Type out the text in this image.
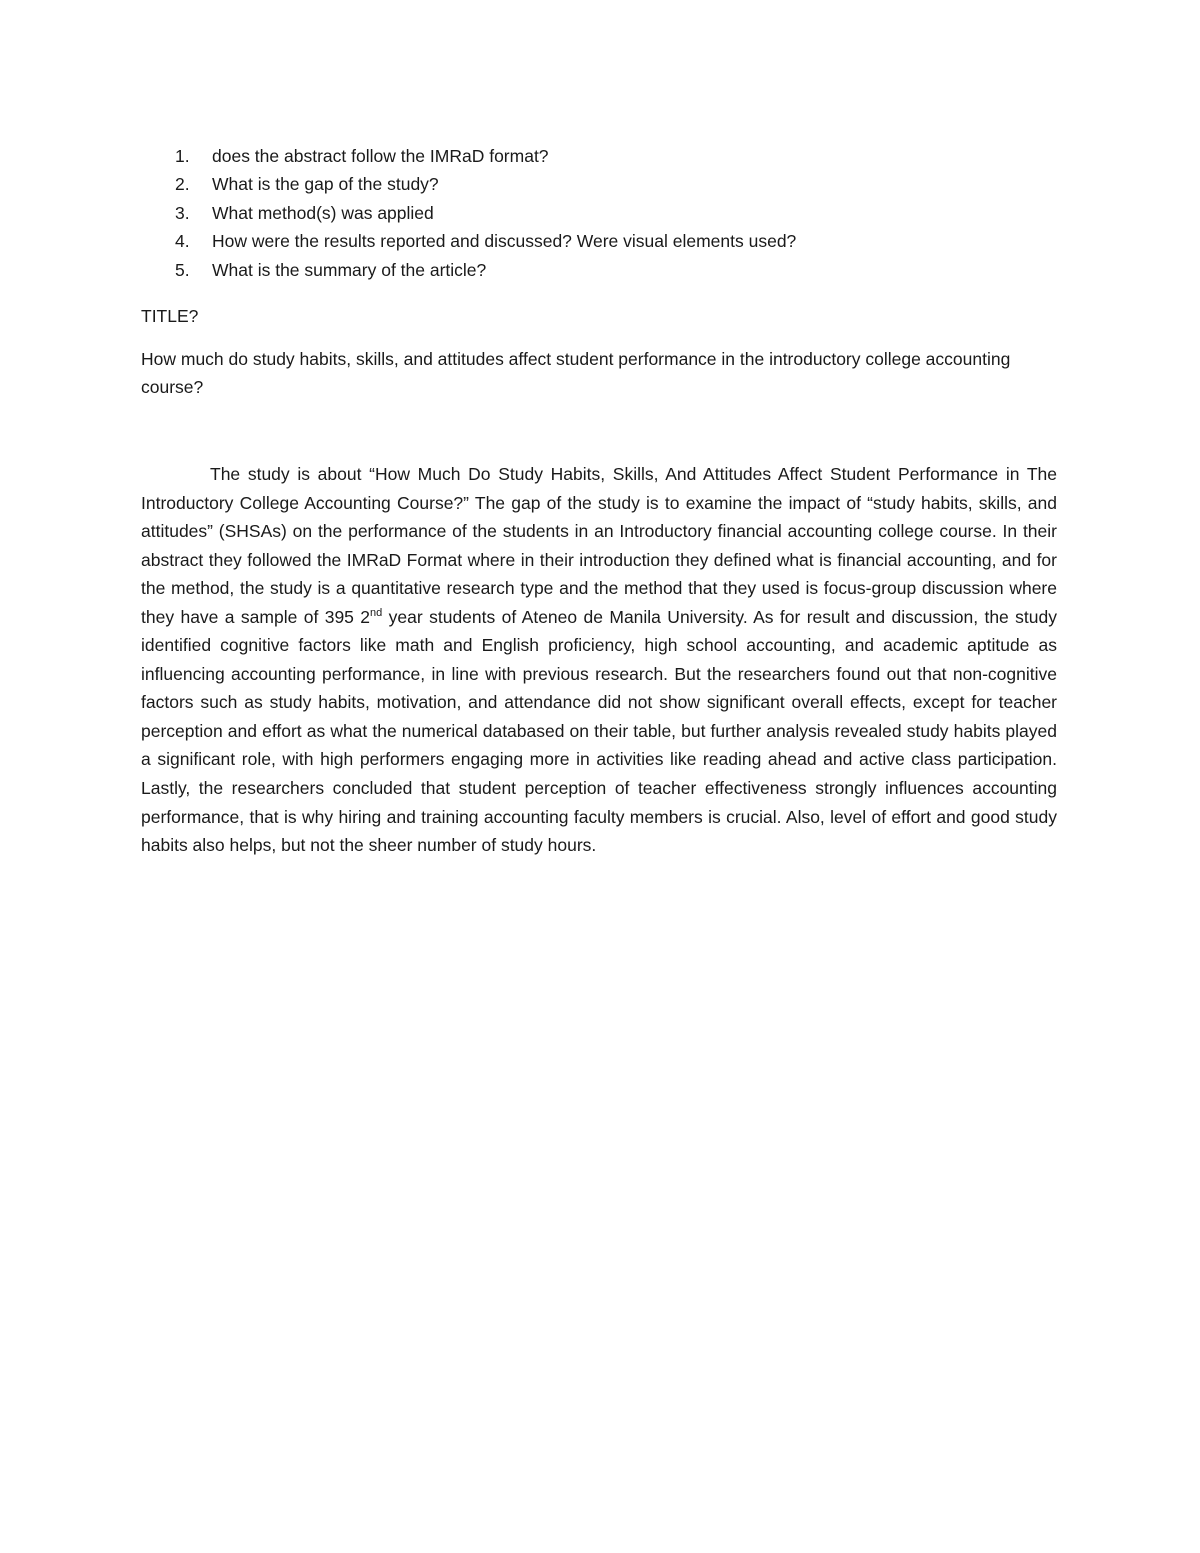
1. does the abstract follow the IMRaD format?
2. What is the gap of the study?
3. What method(s) was applied
4. How were the results reported and discussed? Were visual elements used?
5. What is the summary of the article?

TITLE?

How much do study habits, skills, and attitudes affect student performance in the introductory college accounting course?

The study is about “How Much Do Study Habits, Skills, And Attitudes Affect Student Performance in The Introductory College Accounting Course?” The gap of the study is to examine the impact of “study habits, skills, and attitudes” (SHSAs) on the performance of the students in an Introductory financial accounting college course. In their abstract they followed the IMRaD Format where in their introduction they defined what is financial accounting, and for the method, the study is a quantitative research type and the method that they used is focus-group discussion where they have a sample of 395 2nd year students of Ateneo de Manila University. As for result and discussion, the study identified cognitive factors like math and English proficiency, high school accounting, and academic aptitude as influencing accounting performance, in line with previous research. But the researchers found out that non-cognitive factors such as study habits, motivation, and attendance did not show significant overall effects, except for teacher perception and effort as what the numerical databased on their table, but further analysis revealed study habits played a significant role, with high performers engaging more in activities like reading ahead and active class participation. Lastly, the researchers concluded that student perception of teacher effectiveness strongly influences accounting performance, that is why hiring and training accounting faculty members is crucial. Also, level of effort and good study habits also helps, but not the sheer number of study hours.
